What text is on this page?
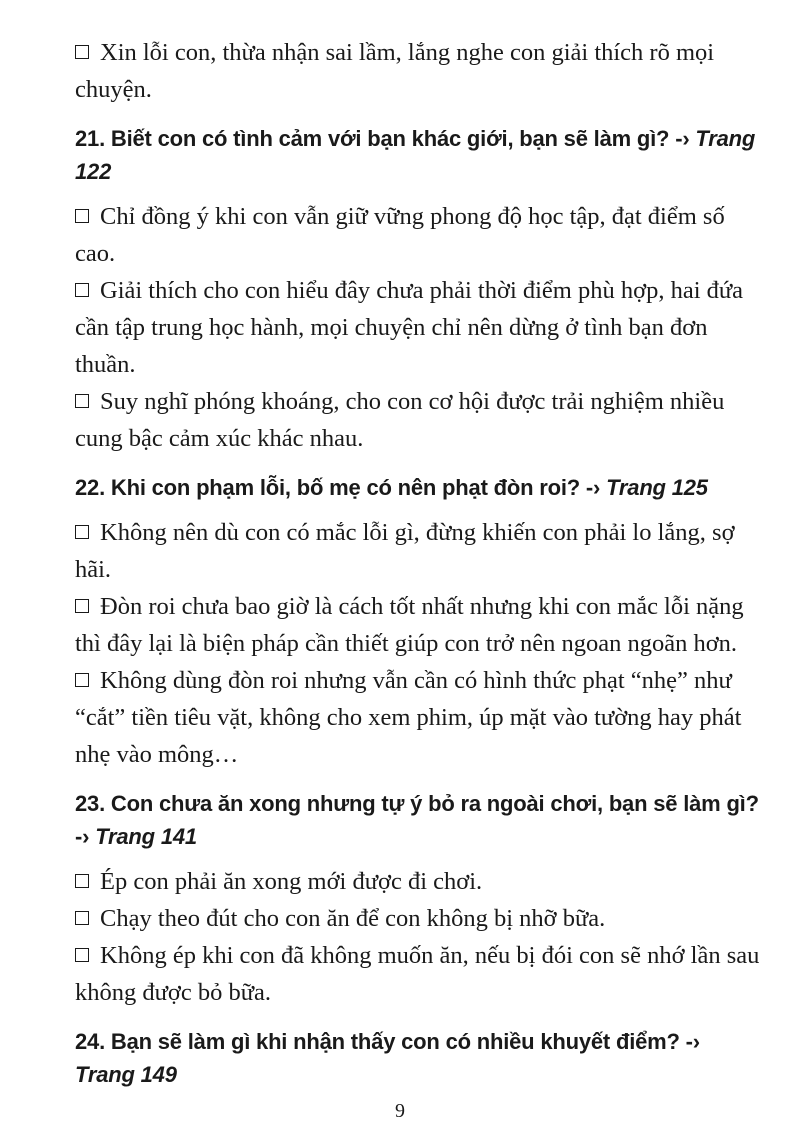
Xin lỗi con, thừa nhận sai lầm, lắng nghe con giải thích rõ mọi chuyện.

21. Biết con có tình cảm với bạn khác giới, bạn sẽ làm gì? -› Trang 122

Chỉ đồng ý khi con vẫn giữ vững phong độ học tập, đạt điểm số cao.

Giải thích cho con hiểu đây chưa phải thời điểm phù hợp, hai đứa cần tập trung học hành, mọi chuyện chỉ nên dừng ở tình bạn đơn thuần.

Suy nghĩ phóng khoáng, cho con cơ hội được trải nghiệm nhiều cung bậc cảm xúc khác nhau.

22. Khi con phạm lỗi, bố mẹ có nên phạt đòn roi? -› Trang 125

Không nên dù con có mắc lỗi gì, đừng khiến con phải lo lắng, sợ hãi.

Đòn roi chưa bao giờ là cách tốt nhất nhưng khi con mắc lỗi nặng thì đây lại là biện pháp cần thiết giúp con trở nên ngoan ngoãn hơn.

Không dùng đòn roi nhưng vẫn cần có hình thức phạt “nhẹ” như “cắt” tiền tiêu vặt, không cho xem phim, úp mặt vào tường hay phát nhẹ vào mông…

23. Con chưa ăn xong nhưng tự ý bỏ ra ngoài chơi, bạn sẽ làm gì? -› Trang 141

Ép con phải ăn xong mới được đi chơi.

Chạy theo đút cho con ăn để con không bị nhỡ bữa.

Không ép khi con đã không muốn ăn, nếu bị đói con sẽ nhớ lần sau không được bỏ bữa.

24. Bạn sẽ làm gì khi nhận thấy con có nhiều khuyết điểm? -› Trang 149
9
